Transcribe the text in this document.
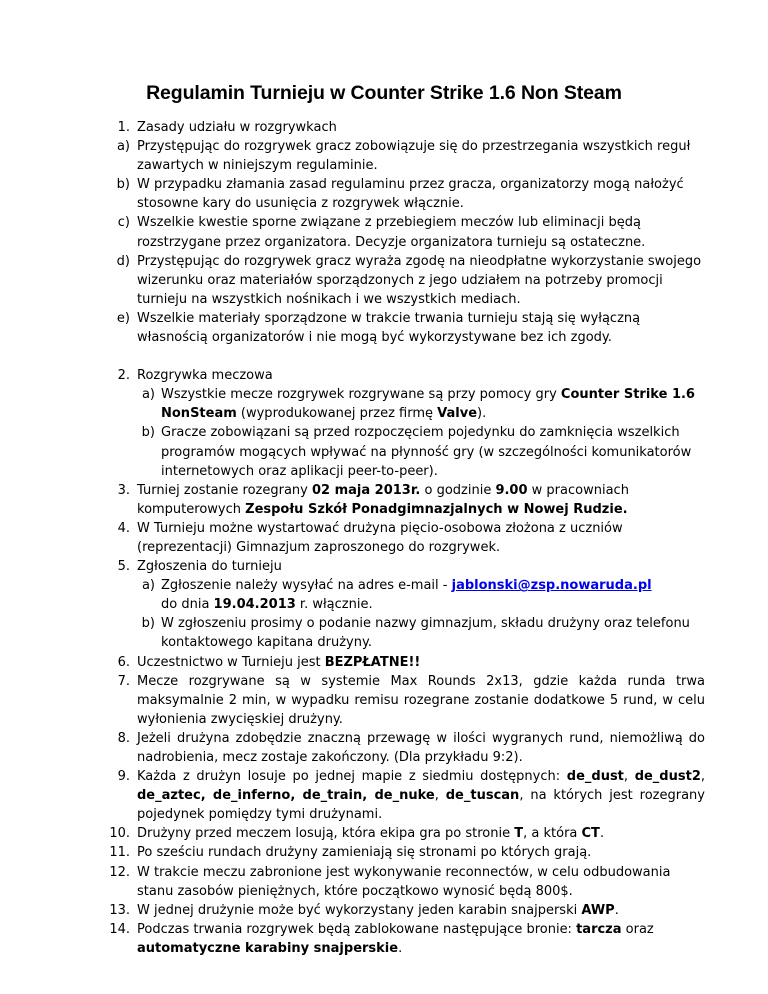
Regulamin Turnieju w Counter Strike 1.6 Non Steam
1. Zasady udziału w rozgrywkach
a) Przystępując do rozgrywek gracz zobowiązuje się do przestrzegania wszystkich reguł zawartych w niniejszym regulaminie.
b) W przypadku złamania zasad regulaminu przez gracza, organizatorzy mogą nałożyć stosowne kary do usunięcia z rozgrywek włącznie.
c) Wszelkie kwestie sporne związane z przebiegiem meczów lub eliminacji będą rozstrzygane przez organizatora. Decyzje organizatora turnieju są ostateczne.
d) Przystępując do rozgrywek gracz wyraża zgodę na nieodpłatne wykorzystanie swojego wizerunku oraz materiałów sporządzonych z jego udziałem na potrzeby promocji turnieju na wszystkich nośnikach i we wszystkich mediach.
e) Wszelkie materiały sporządzone w trakcie trwania turnieju stają się wyłączną własnością organizatorów i nie mogą być wykorzystywane bez ich zgody.
2. Rozgrywka meczowa
a) Wszystkie mecze rozgrywek rozgrywane są przy pomocy gry Counter Strike 1.6 NonSteam (wyprodukowanej przez firmę Valve).
b) Gracze zobowiązani są przed rozpoczęciem pojedynku do zamknięcia wszelkich programów mogących wpływać na płynność gry (w szczególności komunikatorów internetowych oraz aplikacji peer-to-peer).
3. Turniej zostanie rozegrany 02 maja 2013r. o godzinie 9.00 w pracowniach komputerowych Zespołu Szkół Ponadgimnazjalnych w Nowej Rudzie.
4. W Turnieju możne wystartować drużyna pięcio-osobowa złożona z uczniów (reprezentacji) Gimnazjum zaproszonego do rozgrywek.
5. Zgłoszenia do turnieju
a) Zgłoszenie należy wysyłać na adres e-mail - jablonski@zsp.nowaruda.pl
do dnia 19.04.2013 r. włącznie.
b) W zgłoszeniu prosimy o podanie nazwy gimnazjum, składu drużyny oraz telefonu kontaktowego kapitana drużyny.
6. Uczestnictwo w Turnieju jest BEZPŁATNE!!
7. Mecze rozgrywane są w systemie Max Rounds 2x13, gdzie każda runda trwa maksymalnie 2 min, w wypadku remisu rozegrane zostanie dodatkowe 5 rund, w celu wyłonienia zwycięskiej drużyny.
8. Jeżeli drużyna zdobędzie znaczną przewagę w ilości wygranych rund, niemożliwą do nadrobienia, mecz zostaje zakończony. (Dla przykładu 9:2).
9. Każda z drużyn losuje po jednej mapie z siedmiu dostępnych: de_dust, de_dust2, de_aztec, de_inferno, de_train, de_nuke, de_tuscan, na których jest rozegrany pojedynek pomiędzy tymi drużynami.
10. Drużyny przed meczem losują, która ekipa gra po stronie T, a która CT.
11. Po sześciu rundach drużyny zamieniają się stronami po których grają.
12. W trakcie meczu zabronione jest wykonywanie reconnectów, w celu odbudowania stanu zasobów pieniężnych, które początkowo wynosić będą 800$.
13. W jednej drużynie może być wykorzystany jeden karabin snajperski AWP.
14. Podczas trwania rozgrywek będą zablokowane następujące bronie: tarcza oraz automatyczne karabiny snajperskie.
